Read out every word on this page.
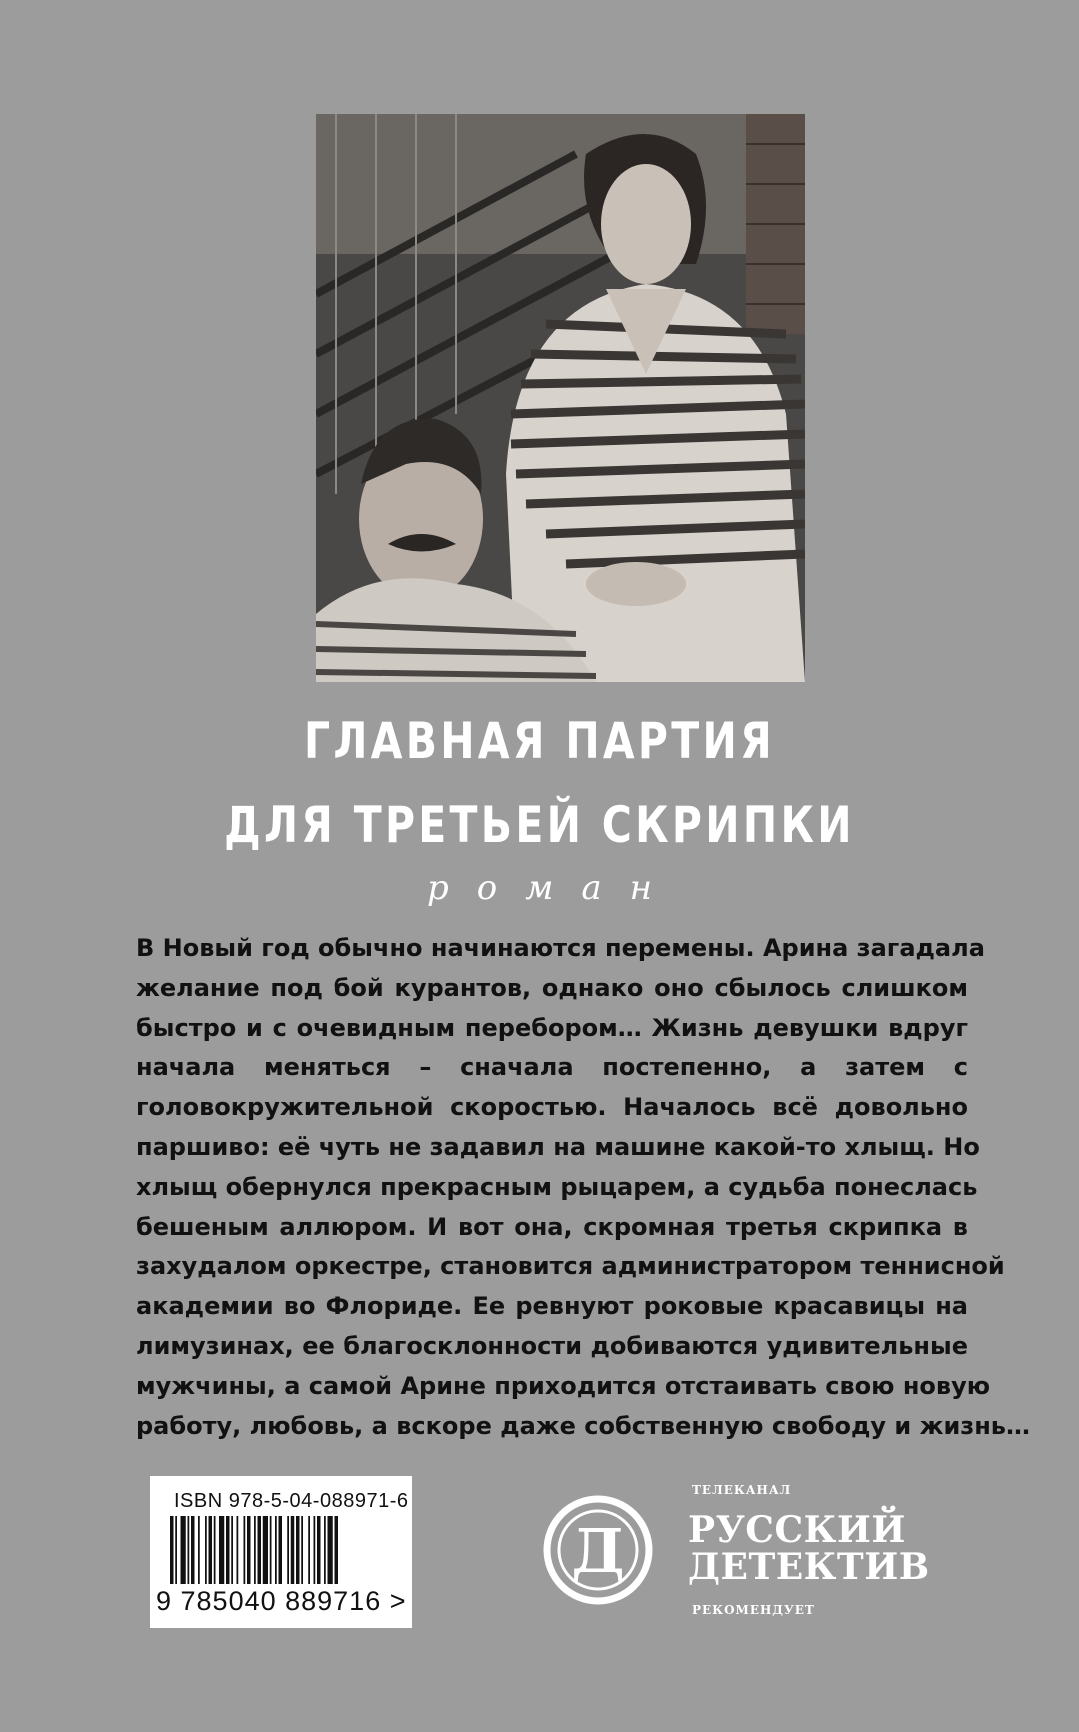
ГЛАВНАЯ ПАРТИЯ
ДЛЯ ТРЕТЬЕЙ СКРИПКИ
роман
В Новый год обычно начинаются перемены. Арина загадала
желание под бой курантов, однако оно сбылось слишком
быстро и с очевидным перебором… Жизнь девушки вдруг
начала меняться – сначала постепенно, а затем с
головокружительной скоростью. Началось всё довольно
паршиво: её чуть не задавил на машине какой-то хлыщ. Но
хлыщ обернулся прекрасным рыцарем, а судьба понеслась
бешеным аллюром. И вот она, скромная третья скрипка в
захудалом оркестре, становится администратором теннисной
академии во Флориде. Ее ревнуют роковые красавицы на
лимузинах, ее благосклонности добиваются удивительные
мужчины, а самой Арине приходится отстаивать свою новую
работу, любовь, а вскоре даже собственную свободу и жизнь…
ISBN 978-5-04-088971-6
9 785040 889716 >
Д
ТЕЛЕКАНАЛ
РУССКИЙ
ДЕТЕКТИВ
РЕКОМЕНДУЕТ
